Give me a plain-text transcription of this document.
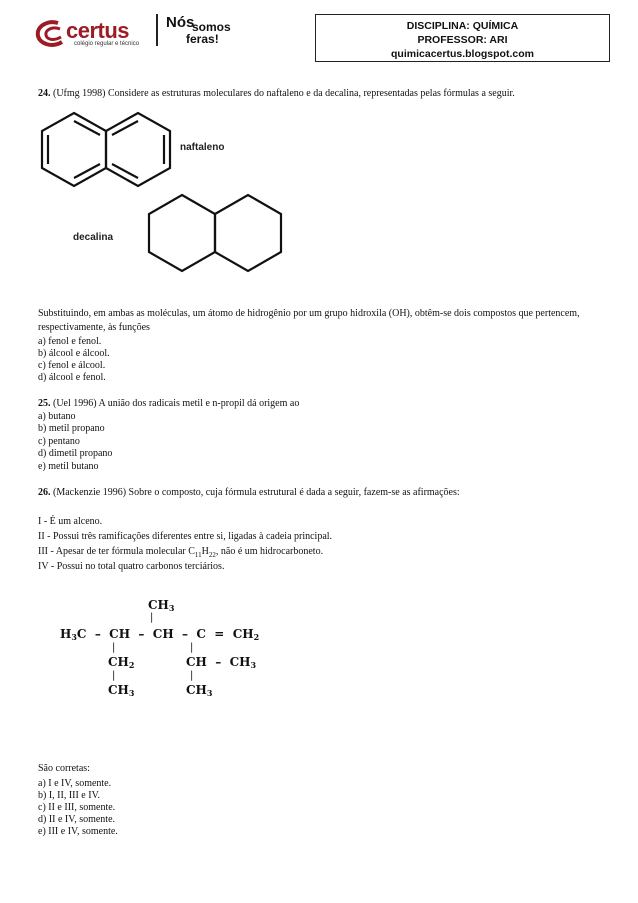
certus
colégio regular e técnico
Nós
somos
feras!
DISCIPLINA: QUÍMICA
PROFESSOR: ARI
quimicacertus.blogspot.com
24. (Ufmg 1998) Considere as estruturas moleculares do naftaleno e da decalina, representadas pelas fórmulas a seguir.
naftaleno
decalina
Substituindo, em ambas as moléculas, um átomo de hidrogênio por um grupo hidroxila (OH), obtêm-se dois compostos que pertencem, respectivamente, às funções
a) fenol e fenol.
b) álcool e álcool.
c) fenol e álcool.
d) álcool e fenol.
25. (Uel 1996) A união dos radicais metil e n-propil dá origem ao
a) butano
b) metil propano
c) pentano
d) dimetil propano
e) metil butano
26. (Mackenzie 1996) Sobre o composto, cuja fórmula estrutural é dada a seguir, fazem-se as afirmações:
I - É um alceno.
II - Possui três ramificações diferentes entre si, ligadas à cadeia principal.
III - Apesar de ter fórmula molecular $C_{11}H_{22}$, não é um hidrocarboneto.
IV - Possui no total quatro carbonos terciários.
$CH_3$
|
$H_3C$  –  CH  –  CH  –  $C = CH_2$
|	|
$CH_2$	CH  –  $CH_3$
|	|
$CH_3$	$CH_3$
São corretas:
a) I e IV, somente.
b) I, II, III e IV.
c) II e III, somente.
d) II e IV, somente.
e) III e IV, somente.
